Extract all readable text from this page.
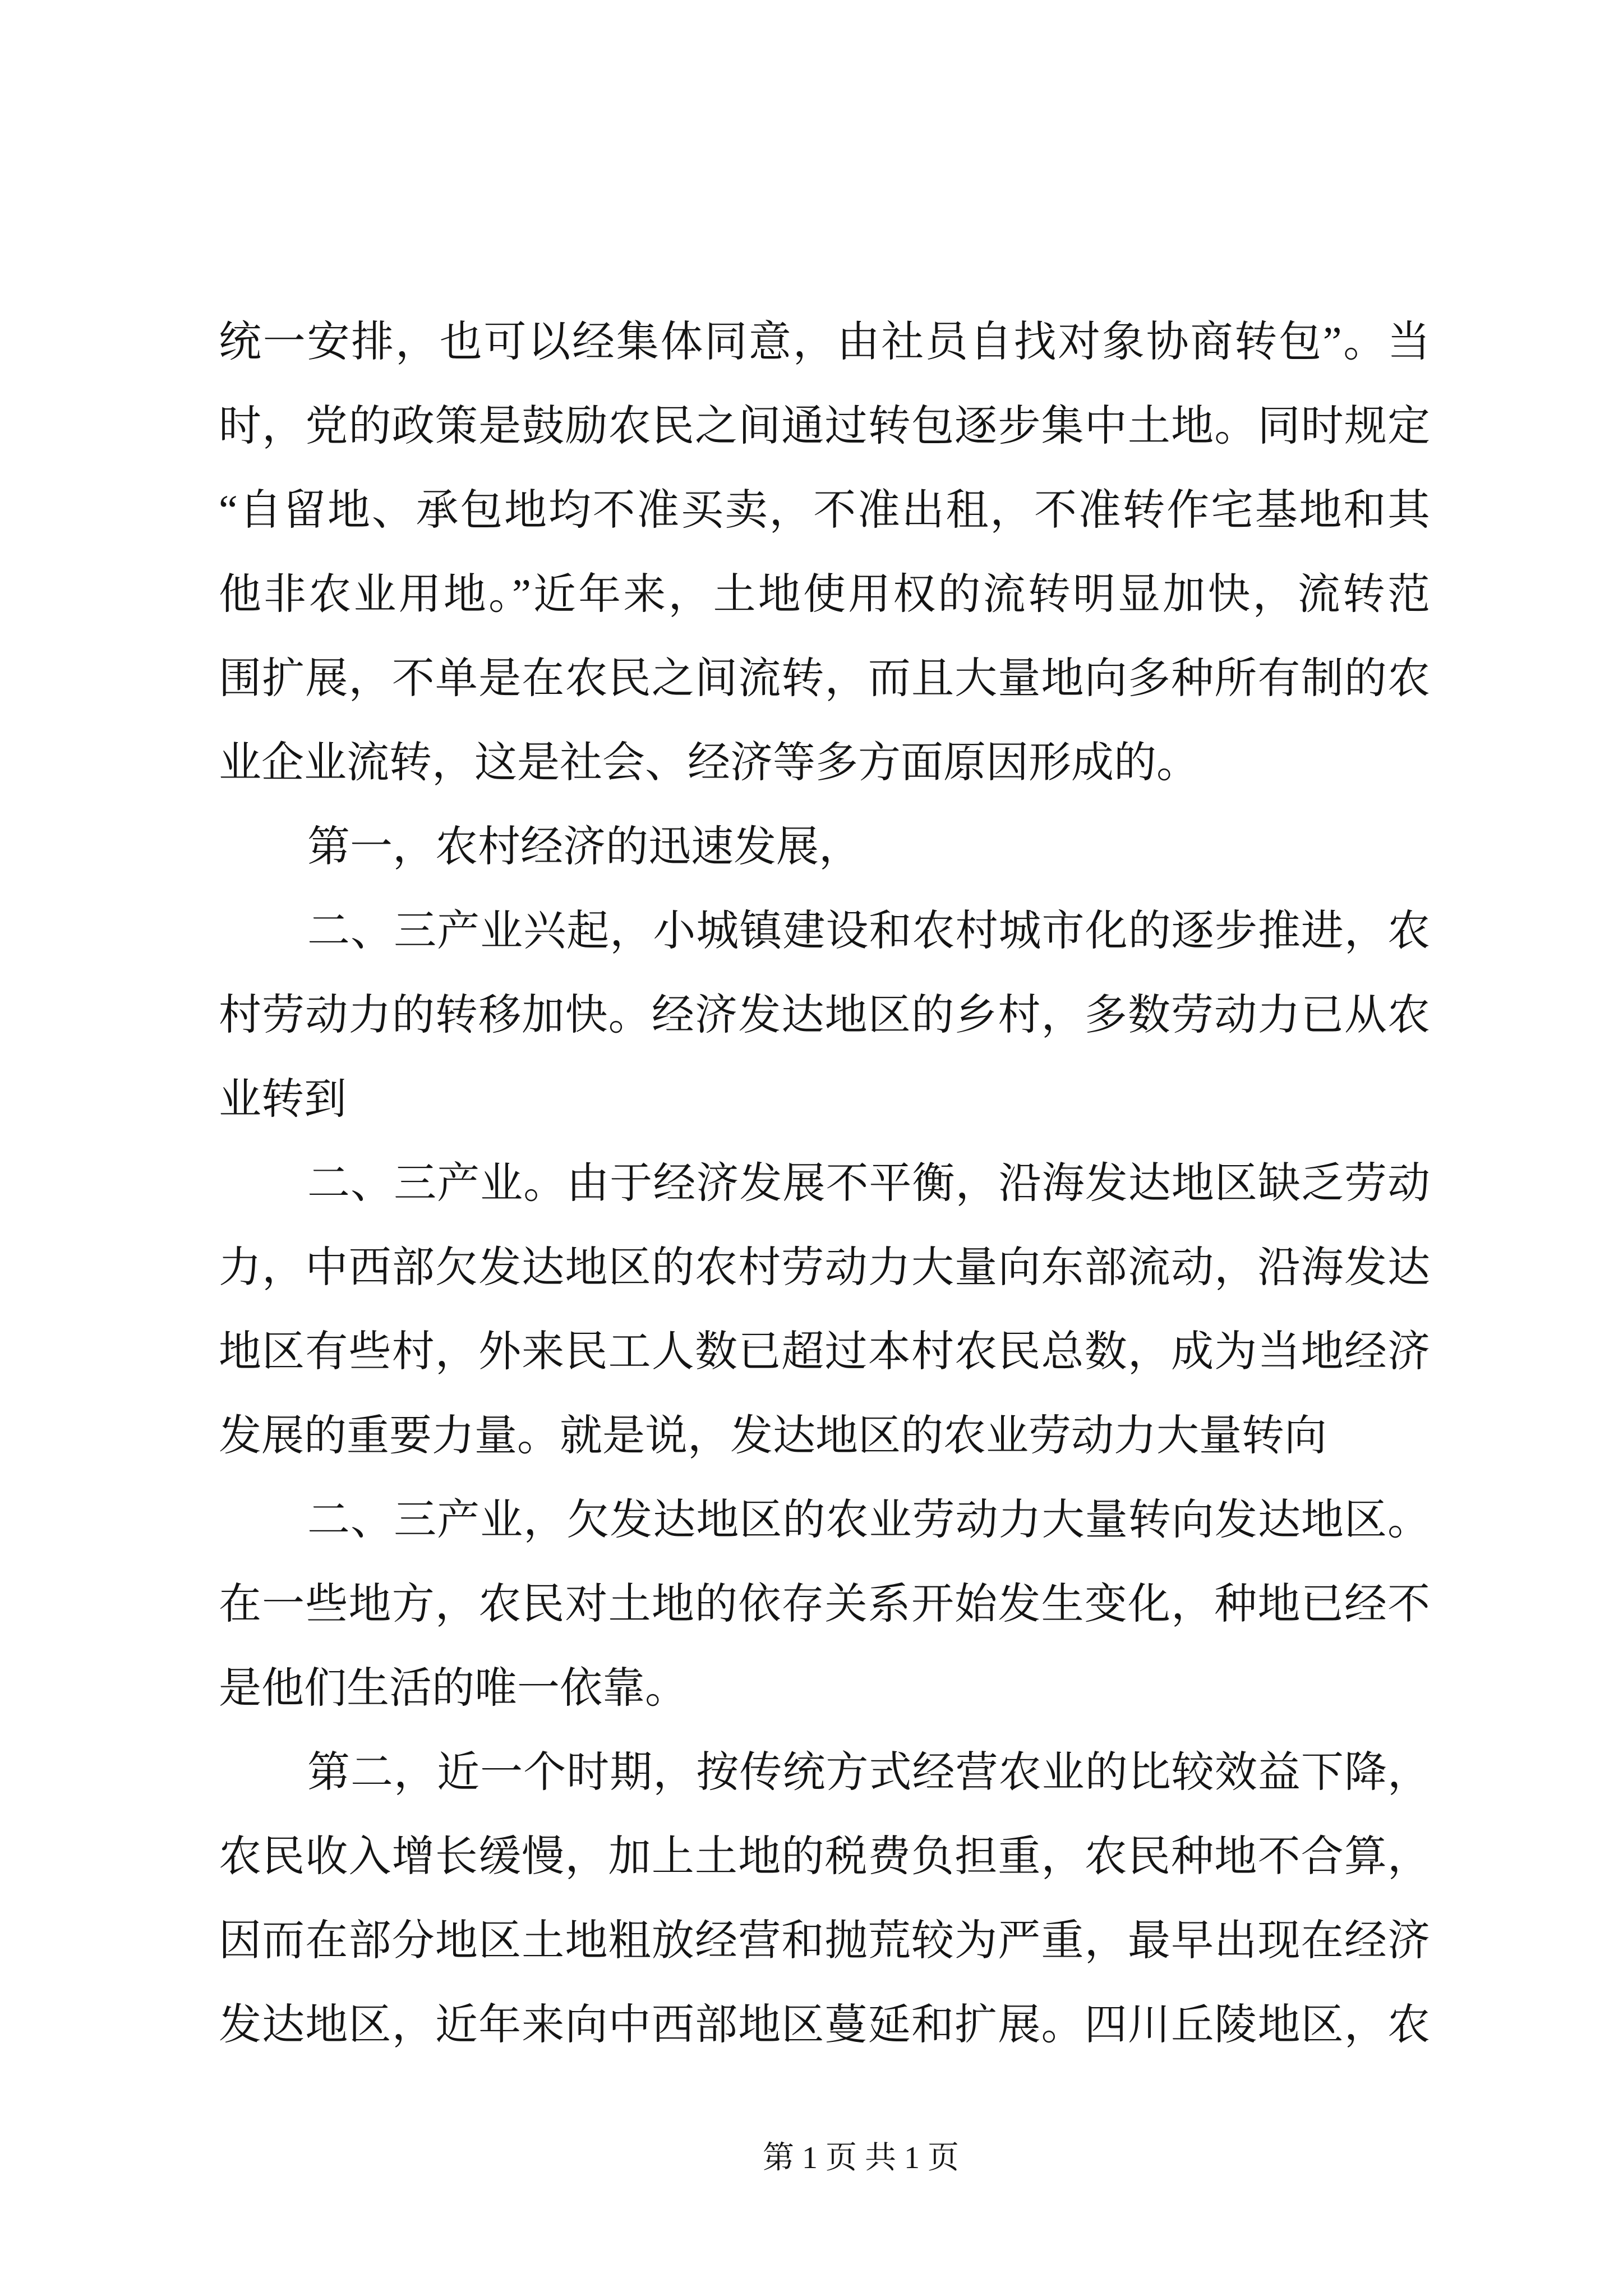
统一安排，也可以经集体同意，由社员自找对象协商转包”。当
时，党的政策是鼓励农民之间通过转包逐步集中土地。同时规定
“自留地、承包地均不准买卖，不准出租，不准转作宅基地和其
他非农业用地。”近年来，土地使用权的流转明显加快，流转范
围扩展，不单是在农民之间流转，而且大量地向多种所有制的农
业企业流转，这是社会、经济等多方面原因形成的。
第一，农村经济的迅速发展，
二、三产业兴起，小城镇建设和农村城市化的逐步推进，农
村劳动力的转移加快。经济发达地区的乡村，多数劳动力已从农
业转到
二、三产业。由于经济发展不平衡，沿海发达地区缺乏劳动
力，中西部欠发达地区的农村劳动力大量向东部流动，沿海发达
地区有些村，外来民工人数已超过本村农民总数，成为当地经济
发展的重要力量。就是说，发达地区的农业劳动力大量转向
二、三产业，欠发达地区的农业劳动力大量转向发达地区。
在一些地方，农民对土地的依存关系开始发生变化，种地已经不
是他们生活的唯一依靠。
第二，近一个时期，按传统方式经营农业的比较效益下降，
农民收入增长缓慢，加上土地的税费负担重，农民种地不合算，
因而在部分地区土地粗放经营和抛荒较为严重，最早出现在经济
发达地区，近年来向中西部地区蔓延和扩展。四川丘陵地区，农
第 1 页 共 1 页
